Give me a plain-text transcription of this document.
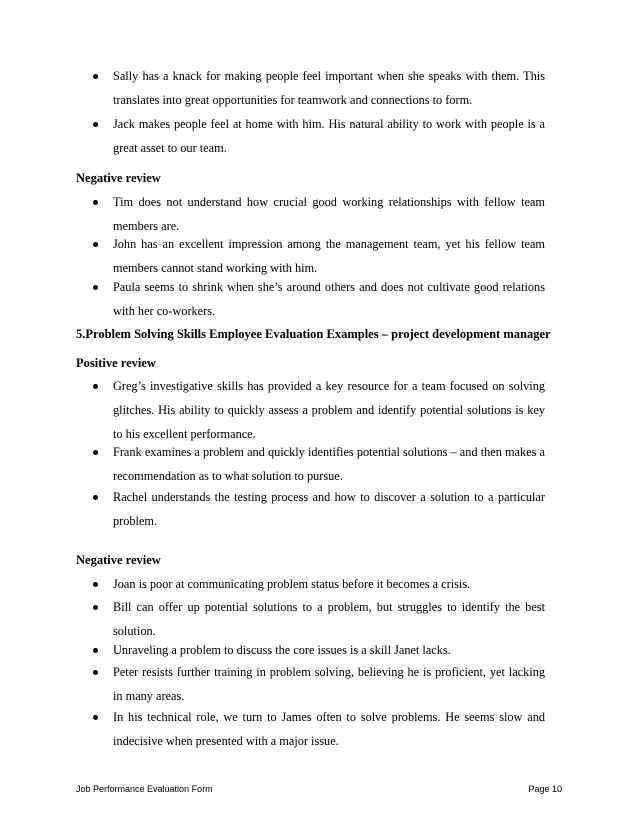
Sally has a knack for making people feel important when she speaks with them. This translates into great opportunities for teamwork and connections to form.
Jack makes people feel at home with him. His natural ability to work with people is a great asset to our team.
Negative review
Tim does not understand how crucial good working relationships with fellow team members are.
John has an excellent impression among the management team, yet his fellow team members cannot stand working with him.
Paula seems to shrink when she’s around others and does not cultivate good relations with her co-workers.
5.Problem Solving Skills Employee Evaluation Examples – project development manager
Positive review
Greg’s investigative skills has provided a key resource for a team focused on solving glitches. His ability to quickly assess a problem and identify potential solutions is key to his excellent performance.
Frank examines a problem and quickly identifies potential solutions – and then makes a recommendation as to what solution to pursue.
Rachel understands the testing process and how to discover a solution to a particular problem.
Negative review
Joan is poor at communicating problem status before it becomes a crisis.
Bill can offer up potential solutions to a problem, but struggles to identify the best solution.
Unraveling a problem to discuss the core issues is a skill Janet lacks.
Peter resists further training in problem solving, believing he is proficient, yet lacking in many areas.
In his technical role, we turn to James often to solve problems. He seems slow and indecisive when presented with a major issue.
Job Performance Evaluation Form	Page 10
